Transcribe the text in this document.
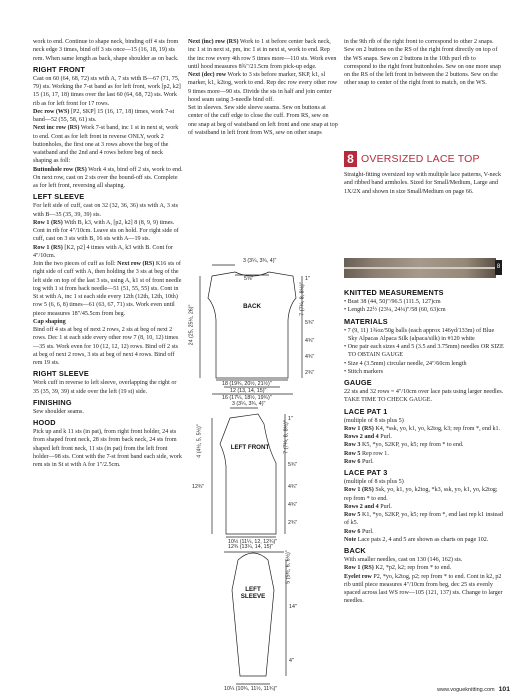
work to end. Continue to shape neck, binding off 4 sts from neck edge 3 times, bind off 3 sts once—15 (16, 18, 19) sts rem. When same length as back, shape shoulder as on back.

RIGHT FRONT

Cast on 60 (64, 68, 72) sts with A, 7 sts with B—67 (71, 75, 79) sts. Working the 7-st band as for left front, work [p2, k2] 15 (16, 17, 18) times over the last 60 (64, 68, 72) sts. Work rib as for left front for 17 rows.

Dec row (WS) [P2, SKP] 15 (16, 17, 18) times, work 7-st band—52 (55, 58, 61) sts.

Next inc row (RS) Work 7-st band, inc 1 st in next st, work to end. Cont as for left front in reverse ONLY, work 2 buttonholes, the first one at 3 rows above the beg of the waistband and the 2nd and 4 rows before beg of neck shaping as foll:

Buttonhole row (RS) Work 4 sts, bind off 2 sts, work to end. On next row, cast on 2 sts over the bound-off sts. Complete as for left front, reversing all shaping.

LEFT SLEEVE

For left side of cuff, cast on 32 (32, 36, 36) sts with A, 3 sts with B—35 (35, 39, 39) sts.

Row 1 (RS) With B, k3, with A, [p2, k2] 8 (8, 9, 9) times.

Cont in rib for 4"/10cm. Leave sts on hold. For right side of cuff, cast on 3 sts with B, 16 sts with A—19 sts.

Row 1 (RS) [K2, p2] 4 times with A, k3 with B. Cont for 4"/10cm.

Join the two pieces of cuff as foll: Next row (RS) K16 sts of right side of cuff with A, then holding the 3 sts at beg of the left side on top of the last 3 sts, using A, k1 st of front needle tog with 1 st from back needle—51 (51, 55, 55) sts. Cont in St st with A, inc 1 st each side every 12th (12th, 12th, 10th) row 5 (6, 6, 8) times—61 (63, 67, 71) sts. Work even until piece measures 18"/45.5cm from beg.

Cap shaping

Bind off 4 sts at beg of next 2 rows, 2 sts at beg of next 2 rows. Dec 1 st each side every other row 7 (8, 10, 12) times—35 sts. Work even for 10 (12, 12, 12) rows. Bind off 2 sts at beg of next 2 rows, 3 sts at beg of next 4 rows. Bind off rem 19 sts.

RIGHT SLEEVE

Work cuff in reverse to left sleeve, overlapping the right or 35 (35, 39, 39) st side over the left (19 st) side.

FINISHING

Sew shoulder seams.

HOOD

Pick up and k 11 sts (in pat), from right front holder, 24 sts from shaped front neck, 28 sts from back neck, 24 sts from shaped left front neck, 11 sts (in pat) from the left front holder—98 sts. Cont with the 7-st front band each side, work rem sts in St st with A for 1"/2.5cm.

Next (inc) row (RS) Work to 1 st before center back neck, inc 1 st in next st, pm, inc 1 st in next st, work to end. Rep the inc row every 4th row 5 times more—110 sts. Work even until hood measures 8¾"/21.5cm from pick-up edge.

Next (dec) row Work to 3 sts before marker, SKP, k1, sl marker, k1, k2tog, work to end. Rep dec row every other row 9 times more—90 sts. Divide the sts in half and join center hood seam using 3-needle bind off.

Set in sleeves. Sew side sleeve seams. Sew on buttons at center of the cuff edge to close the cuff. From RS, sew on one snap at beg of waistband on left front and one snap at top of waistband in left front from WS, sew on other snaps

3 (3¼, 3¾, 4)"
5⅝"
BACK
1"
7 (7¼, 8, 8½)"
5¾"
4¾"
4¾"
2¾"
24 (25, 25½, 26)"
18 (19¾, 20½, 21½)"
12 (13, 14, 15)"
16 (17¼, 18½, 19¾)"
3 (3¼, 3¾, 4)"
LEFT FRONT
4 (4½, 5, 5½)"
12¾"
1"
7 (7¼, 8, 8½)"
5¾"
4¾"
4¾"
2¾"
10½ (11¼, 12, 12¾)"
12¾ (13¼, 14, 15)"
LEFT SLEEVE
5 (5½, 6, 6½)"
14"
4"
10¼ (10¾, 11½, 11¾)"

in the 9th rib of the right front to correspond to other 2 snaps. Sew on 2 buttons on the RS of the right front directly on top of the WS snaps. Sew on 2 buttons in the 10th purl rib to correspond to the right front buttonholes. Sew on one more snap on the RS of the left front in between the 2 buttons. Sew on the other snap to center of the right front to match, on the WS.

8 OVERSIZED LACE TOP
Straight-fitting oversized top with multiple lace patterns, V-neck and ribbed band armholes. Sized for Small/Medium, Large and 1X/2X and shown in size Small/Medium on page 66.
8
KNITTED MEASUREMENTS

• Bust 38 (44, 50)"/96.5 (111.5, 127)cm

• Length 22½ (23¼, 24¼)"/58 (60, 63)cm

MATERIALS

• 7 (9, 11) 1¾oz/50g balls (each approx 146yd/133m) of Blue Sky Alpacas Alpaca Silk (alpaca/silk) in #120 white

• One pair each sizes 4 and 5 (3.5 and 3.75mm) needles OR SIZE TO OBTAIN GAUGE

• Size 4 (3.5mm) circular needle, 24"/60cm length

• Stitch markers

GAUGE

22 sts and 32 rows = 4"/10cm over lace pats using larger needles.

TAKE TIME TO CHECK GAUGE.

LACE PAT 1

(multiple of 8 sts plus 5)

Row 1 (RS) K4, *ssk, yo, k1, yo, k2tog, k3; rep from *, end k1.

Rows 2 and 4 Purl.

Row 3 K5, *yo, S2KP, yo, k5; rep from * to end.

Row 5 Rep row 1.

Row 6 Purl.

LACE PAT 3

(multiple of 8 sts plus 5)

Row 1 (RS) Ssk, yo, k1, yo, k2tog, *k3, ssk, yo, k1, yo, k2tog; rep from * to end.

Rows 2 and 4 Purl.

Row 5 K1, *yo, S2KP, yo, k5; rep from *, end last rep k1 instead of k5.

Row 6 Purl.

Note Lace pats 2, 4 and 5 are shown as charts on page 102.

BACK

With smaller needles, cast on 130 (146, 162) sts.

Row 1 (RS) K2, *p2, k2; rep from * to end.

Eyelet row P2, *yo, k2tog, p2; rep from * to end. Cont in k2, p2 rib until piece measures 4"/10cm from beg, dec 25 sts evenly spaced across last WS row—105 (121, 137) sts. Change to larger needles.

www.vogueknitting.com 101
